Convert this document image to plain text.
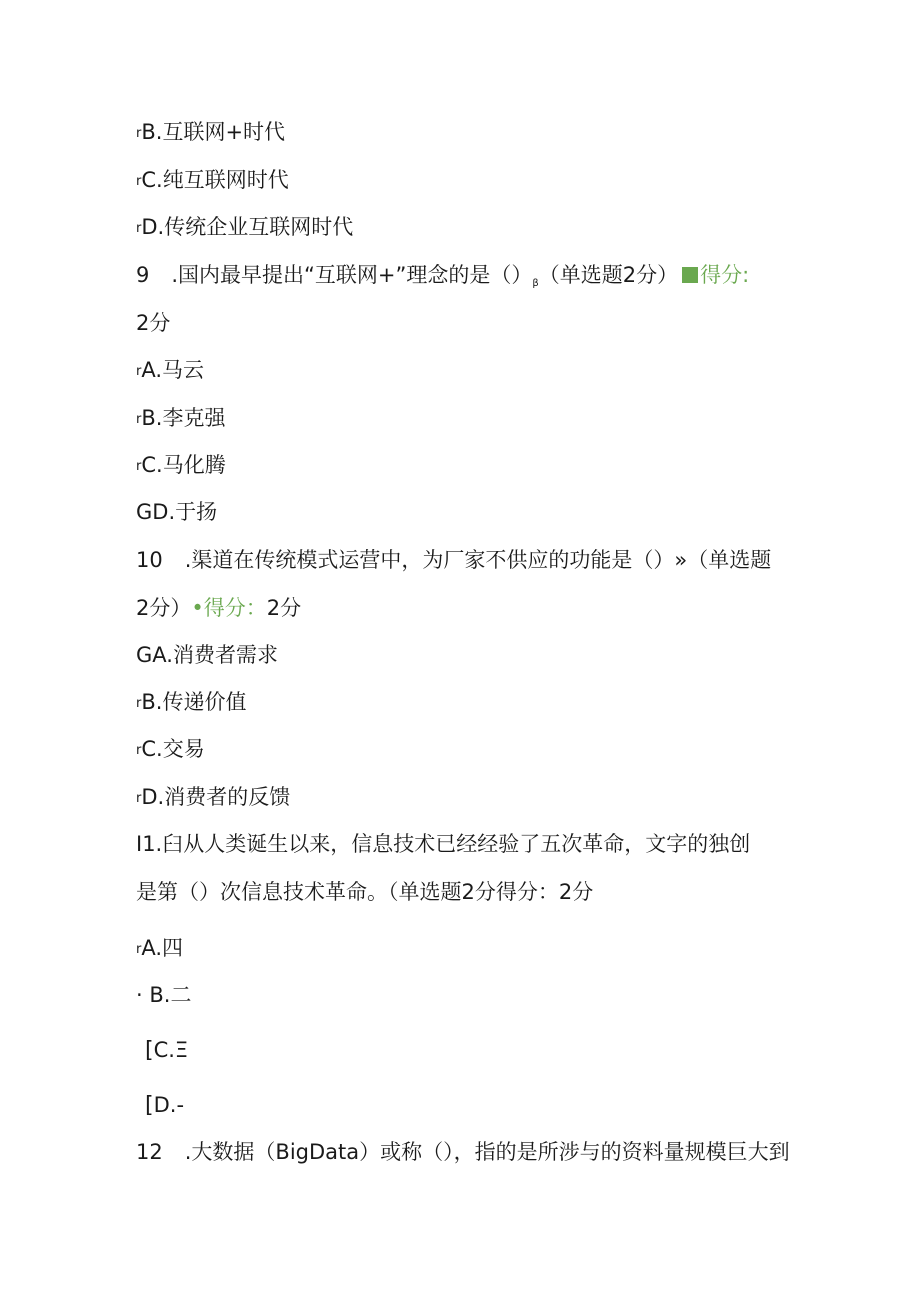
rB.互联网+时代
rC.纯互联网时代
rD.传统企业互联网时代
9 .国内最早提出“互联网+”理念的是（）β（单选题2分） 得分:
2分
rA.马云
rB.李克强
rC.马化腾
GD.于扬
10 .渠道在传统模式运营中，为厂家不供应的功能是（）»（单选题
2分）•得分：2分
GA.消费者需求
rB.传递价值
rC.交易
rD.消费者的反馈
I1.臼从人类诞生以来，信息技术已经经验了五次革命，文字的独创
是第（）次信息技术革命。（单选题2分得分：2分
rA.四
· B.二
[C.Ξ
[D.-
12 .大数据（BigData）或称（），指的是所涉与的资料量规模巨大到
